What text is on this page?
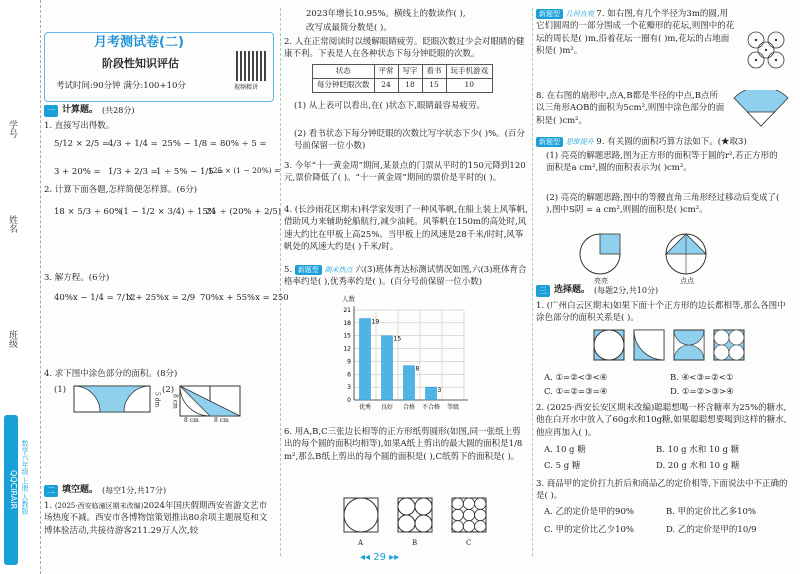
学号
姓名
班级
QQCIRAIR 数学六年级 上册 人教版
月考测试卷(二)
阶段性知识评估
考试时间:90分钟 满分:100+10分	视频精讲
一 计算题。 (共28分)
1. 直接写出得数。
5/12 × 2/5 =
4/3 ÷ 1/4 = 25% − 1/8 = 80% ÷ 5 =
3 + 20% = 1/3 + 2/3 =
1 ÷ 5% − 1/5 =
125 × (1 − 20%) =
2. 计算下面各题,怎样简便怎样算。(6分)
18 × 5/3 ÷ 60%
(1 − 1/2 × 3/4) ÷ 15%
21 ÷ (20% + 2/5)
3. 解方程。(6分)
40%x − 1/4 = 7/12
x + 25%x = 2/9 70%x + 55%x = 250
4. 求下图中涂色部分的面积。(8分)
(1)	(2)
5 dm 8 cm
8 cm	8 cm
二 填空题。 (每空1分,共17分)
1. (2025·西安临潼区期末改编)2024年国庆假期西安省游文艺市场热度不减。西安市各博物馆策划推出80余项主题展览和文博体验活动,共接待游客211.29万人次,较
2023年增长10.95%。横线上的数读作( ),
改写成最简分数是( )。
2. 人在正常阅读时以缓解眼睛疲劳。眨眼次数过少会对眼睛的健康不利。下表是人在各种状态下每分钟眨眼的次数。
状态	平常	写字	看书	玩手机游戏
每分钟眨眼次数	24	18	15	10
(1) 从上表可以看出,在( )状态下,眼睛最容易疲劳。
(2) 看书状态下每分钟眨眼的次数比写字状态下少( )%。(百分号前保留一位小数)
3. 今年“十一黄金周”期间,某景点的门票从平时的150元降到120元,票价降低了( )。“十一黄金周”期间的票价是平时的( )。
4. (长沙雨花区期末)科学家发明了一种风筝帆,在船上装上风筝帆,借助风力来辅助轮船航行,减少油耗。风筝帆在150m的高处时,风速大约比在甲板上高25%。当甲板上的风速是28千米/时时,风筝帆处的风速大约是( )千米/时。
5. 新题型 期末热点 六(3)班体育达标测试情况如图,六(3)班体育合格率约是( ),优秀率约是( )。(百分号前保留一位小数)
0
3
6
9
12
15
18
21
19
15
8
3
优秀 良好 合格 不合格 等级
人数
6. 用A,B,C三张边长相等的正方形纸剪圆形(如图,同一张纸上剪出的每个圆的面积均相等),如果A纸上剪出的最大圆的面积是1/8 m²,那么B纸上剪出的每个圆的面积是( ),C纸剪下的面积是( )。
A	B	C
新题型 几何直观 7. 如右图,有几个半径为3m的圆,用它们圆周的一部分围成一个花瓣形的花坛,则图中的花坛的周长是( )m,沿着花坛一圈有( )m,花坛的占地面积是( )m²。
8. 在右图的扇形中,点A,B都是半径的中点,B点所以三角形AOB的面积为5cm²,则图中涂色部分的面积是( )cm²。
新题型 思维提升 9. 有关圆的面积巧算方法如下。(★取3)
(1) 亮亮的解题思路,图为正方形的面积等于圆的r²,若正方形的面积是a cm²,圆的面积表示为( )cm²。
(2) 亮亮的解题思路,图中的等腰直角三角形经过移动后变成了( ),图中S阴 = a cm²,则圆的面积是( )cm²。
亮亮	点点
三 选择题。 (每题2分,共10分)
1. (广州白云区期末)如果下面十个正方形的边长都相等,那么各图中涂色部分的面积关系是( )。
A. ①=②<③<④	B. ④<③=②<①
C. ①=②=③=④	D. ①=②>③>④
2. (2025·西安长安区期末改编)聪聪想喝一杯含糖率为25%的糖水,他在白开水中放入了60g水和10g糖,如果聪聪想要喝到这样的糖水,他应再加入( )。
A. 10 g 糖	B. 10 g 水和 10 g 糖
C. 5 g 糖	D. 20 g 水和 10 g 糖
3. 商品甲的定价打九折后和商品乙的定价相等,下面说法中不正确的是( )。
A. 乙的定价是甲的90%	B. 甲的定价比乙多10%
C. 甲的定价比乙少10%	D. 乙的定价是甲的10/9
◂◂ 29 ▸▸
